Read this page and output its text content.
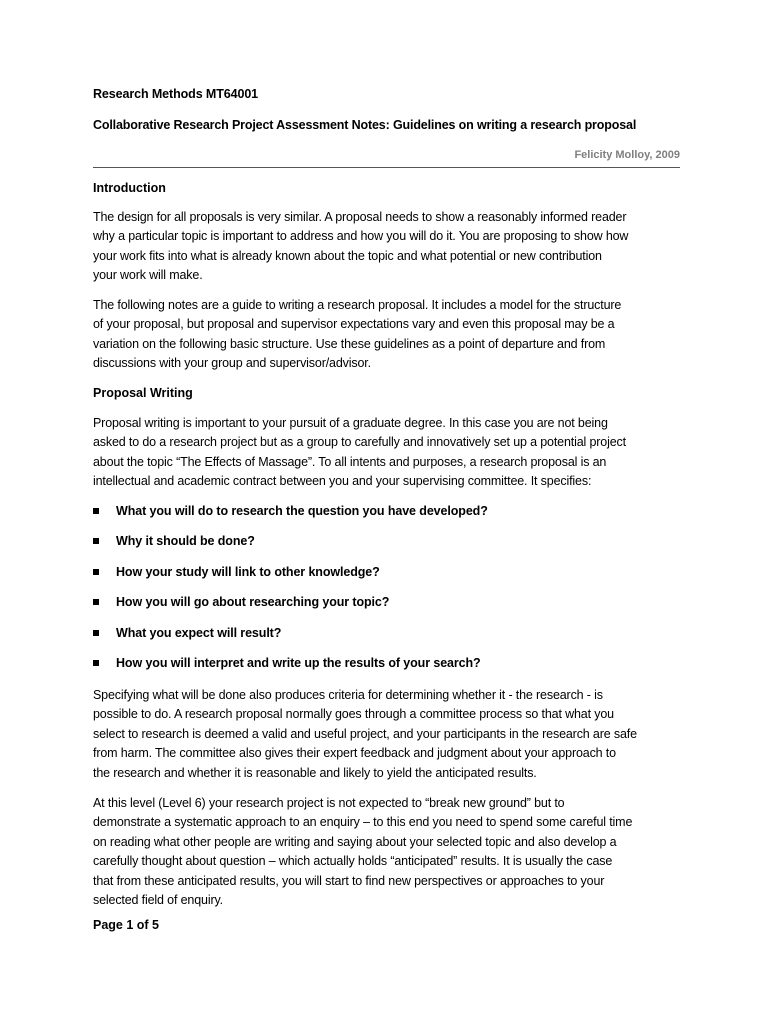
Research Methods MT64001

Collaborative Research Project Assessment Notes: Guidelines on writing a research proposal

Felicity Molloy, 2009

Introduction

The design for all proposals is very similar. A proposal needs to show a reasonably informed reader
why a particular topic is important to address and how you will do it. You are proposing to show how
your work fits into what is already known about the topic and what potential or new contribution
your work will make.
The following notes are a guide to writing a research proposal. It includes a model for the structure
of your proposal, but proposal and supervisor expectations vary and even this proposal may be a
variation on the following basic structure. Use these guidelines as a point of departure and from
discussions with your group and supervisor/advisor.

Proposal Writing

Proposal writing is important to your pursuit of a graduate degree. In this case you are not being
asked to do a research project but as a group to carefully and innovatively set up a potential project
about the topic “The Effects of Massage”. To all intents and purposes, a research proposal is an
intellectual and academic contract between you and your supervising committee. It specifies:
What you will do to research the question you have developed?
Why it should be done?
How your study will link to other knowledge?
How you will go about researching your topic?
What you expect will result?
How you will interpret and write up the results of your search?
Specifying what will be done also produces criteria for determining whether it - the research - is
possible to do. A research proposal normally goes through a committee process so that what you
select to research is deemed a valid and useful project, and your participants in the research are safe
from harm. The committee also gives their expert feedback and judgment about your approach to
the research and whether it is reasonable and likely to yield the anticipated results.
At this level (Level 6) your research project is not expected to “break new ground” but to
demonstrate a systematic approach to an enquiry – to this end you need to spend some careful time
on reading what other people are writing and saying about your selected topic and also develop a
carefully thought about question – which actually holds “anticipated” results. It is usually the case
that from these anticipated results, you will start to find new perspectives or approaches to your
selected field of enquiry.

Page 1 of 5
